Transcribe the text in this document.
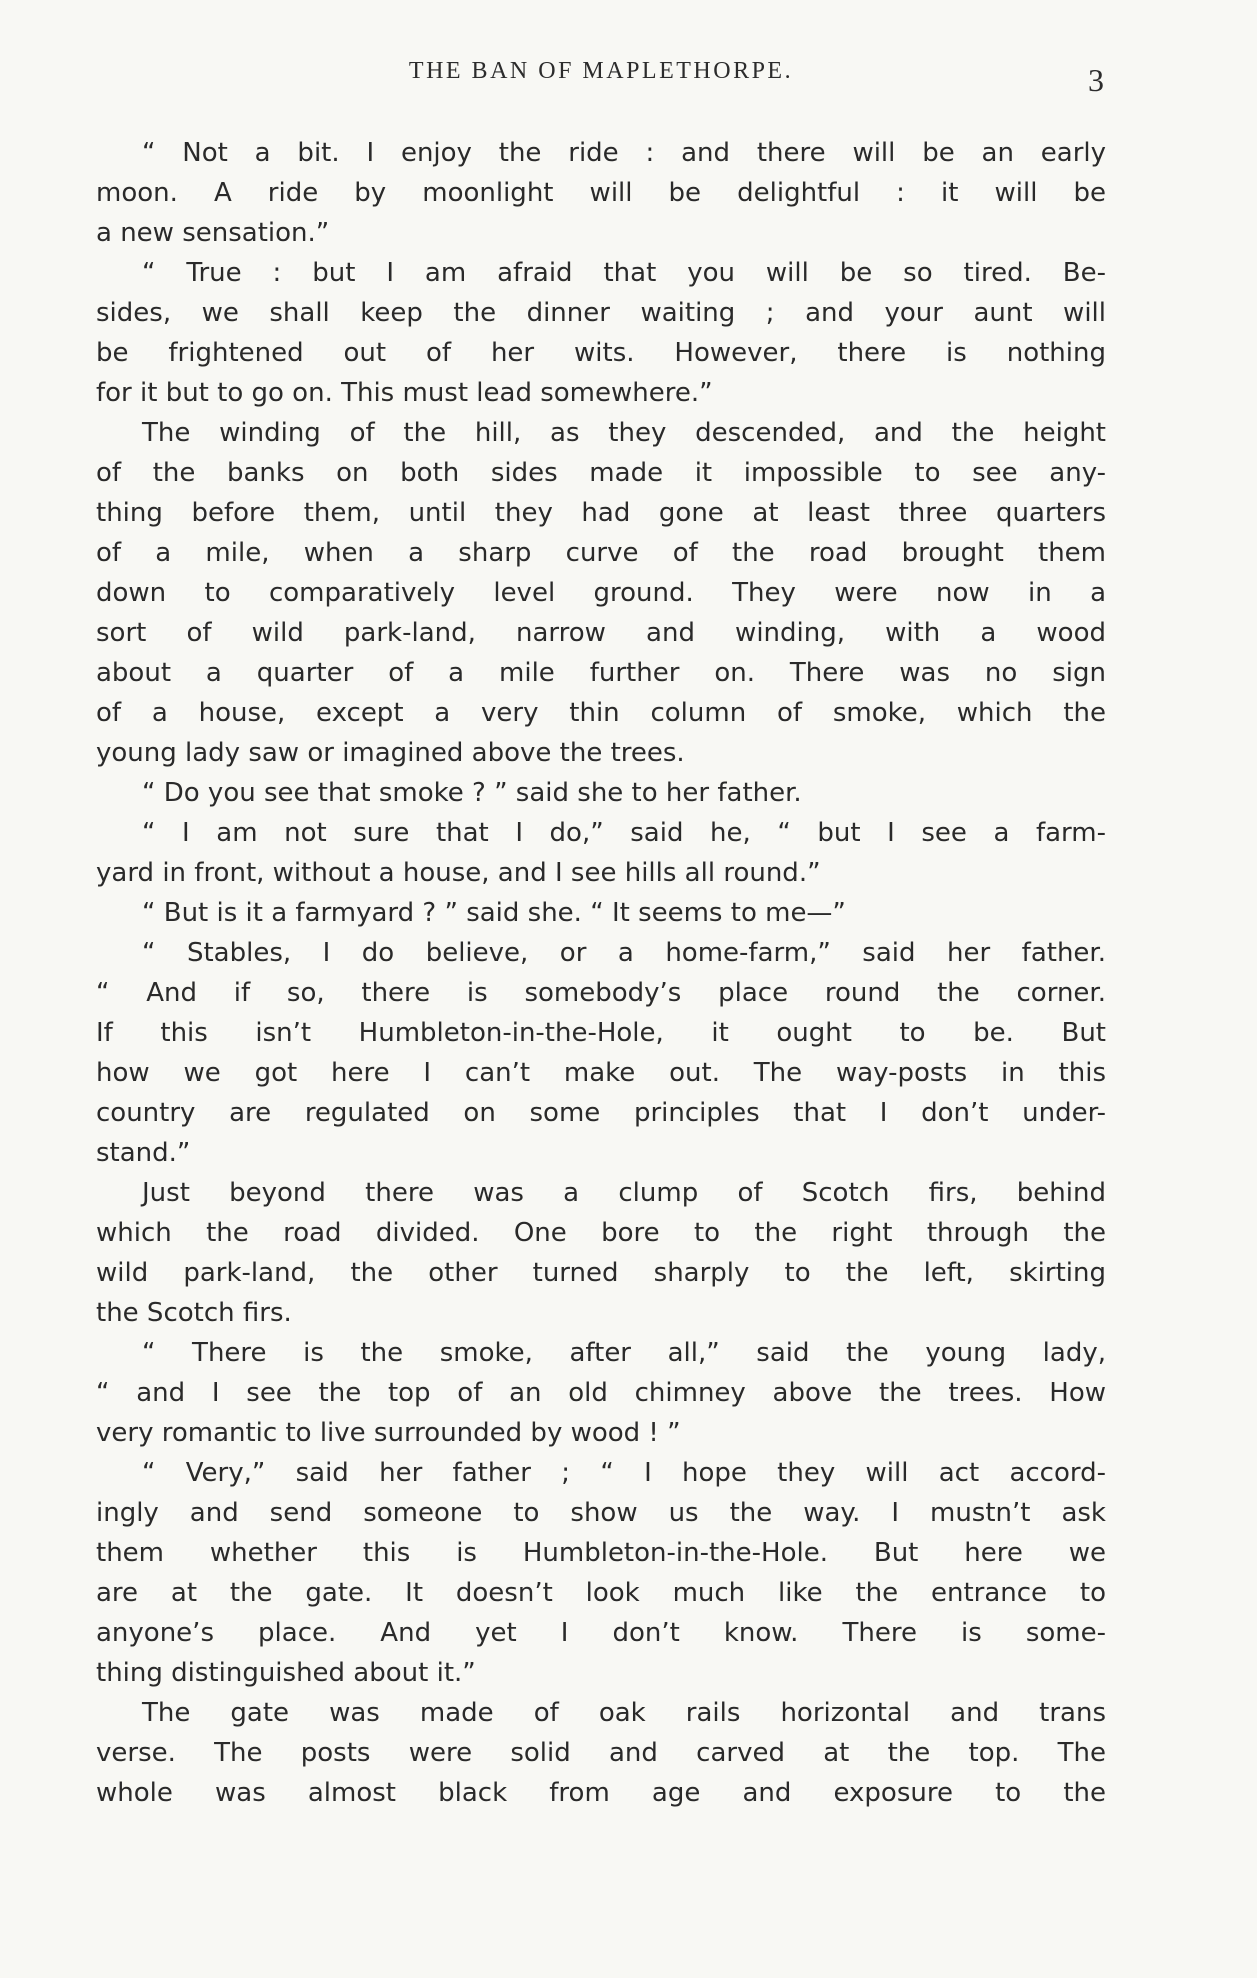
THE BAN OF MAPLETHORPE.	3
“ Not a bit. I enjoy the ride : and there will be an early
moon. A ride by moonlight will be delightful : it will be
a new sensation.”
“ True : but I am afraid that you will be so tired. Be-
sides, we shall keep the dinner waiting ; and your aunt will
be frightened out of her wits. However, there is nothing
for it but to go on. This must lead somewhere.”
The winding of the hill, as they descended, and the height
of the banks on both sides made it impossible to see any-
thing before them, until they had gone at least three quarters
of a mile, when a sharp curve of the road brought them
down to comparatively level ground. They were now in a
sort of wild park-land, narrow and winding, with a wood
about a quarter of a mile further on. There was no sign
of a house, except a very thin column of smoke, which the
young lady saw or imagined above the trees.
“ Do you see that smoke ? ” said she to her father.
“ I am not sure that I do,” said he, “ but I see a farm-
yard in front, without a house, and I see hills all round.”
“ But is it a farmyard ? ” said she. “ It seems to me—”
“ Stables, I do believe, or a home-farm,” said her father.
“ And if so, there is somebody’s place round the corner.
If this isn’t Humbleton-in-the-Hole, it ought to be. But
how we got here I can’t make out. The way-posts in this
country are regulated on some principles that I don’t under-
stand.”
Just beyond there was a clump of Scotch firs, behind
which the road divided. One bore to the right through the
wild park-land, the other turned sharply to the left, skirting
the Scotch firs.
“ There is the smoke, after all,” said the young lady,
“ and I see the top of an old chimney above the trees. How
very romantic to live surrounded by wood ! ”
“ Very,” said her father ; “ I hope they will act accord-
ingly and send someone to show us the way. I mustn’t ask
them whether this is Humbleton-in-the-Hole. But here we
are at the gate. It doesn’t look much like the entrance to
anyone’s place. And yet I don’t know. There is some-
thing distinguished about it.”
The gate was made of oak rails horizontal and trans
verse. The posts were solid and carved at the top. The
whole was almost black from age and exposure to the
